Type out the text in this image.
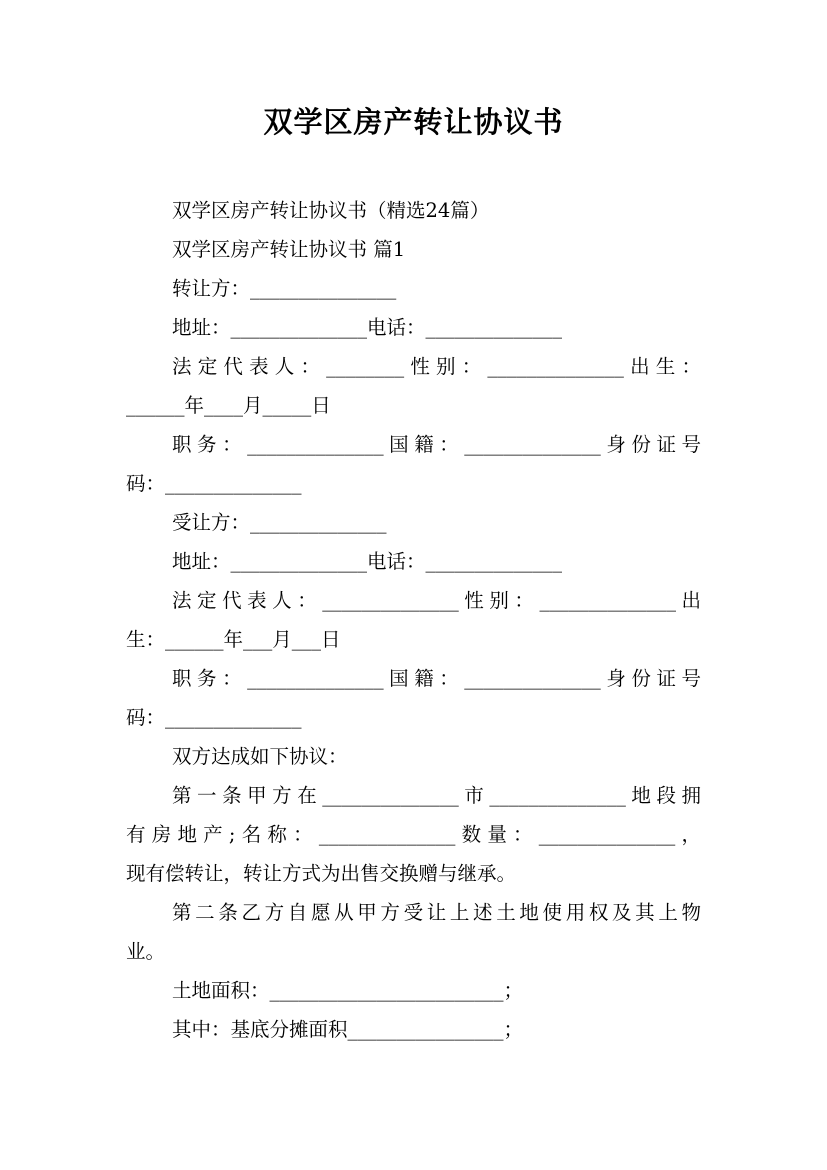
双学区房产转让协议书
双学区房产转让协议书（精选24篇）
双学区房产转让协议书 篇1
转让方：_______________
地址：______________电话：______________
法定代表人：________性别：______________出生：
______年____月_____日
职务：______________国籍：______________身份证号
码：______________
受让方：______________
地址：______________电话：______________
法定代表人：______________性别：______________出
生：______年___月___日
职务：______________国籍：______________身份证号
码：______________
双方达成如下协议：
第一条甲方在______________市______________地段拥
有房地产;名称：______________数量：______________，
现有偿转让，转让方式为出售交换赠与继承。
第二条乙方自愿从甲方受让上述土地使用权及其上物
业。
土地面积：________________________；
其中：基底分摊面积________________；
